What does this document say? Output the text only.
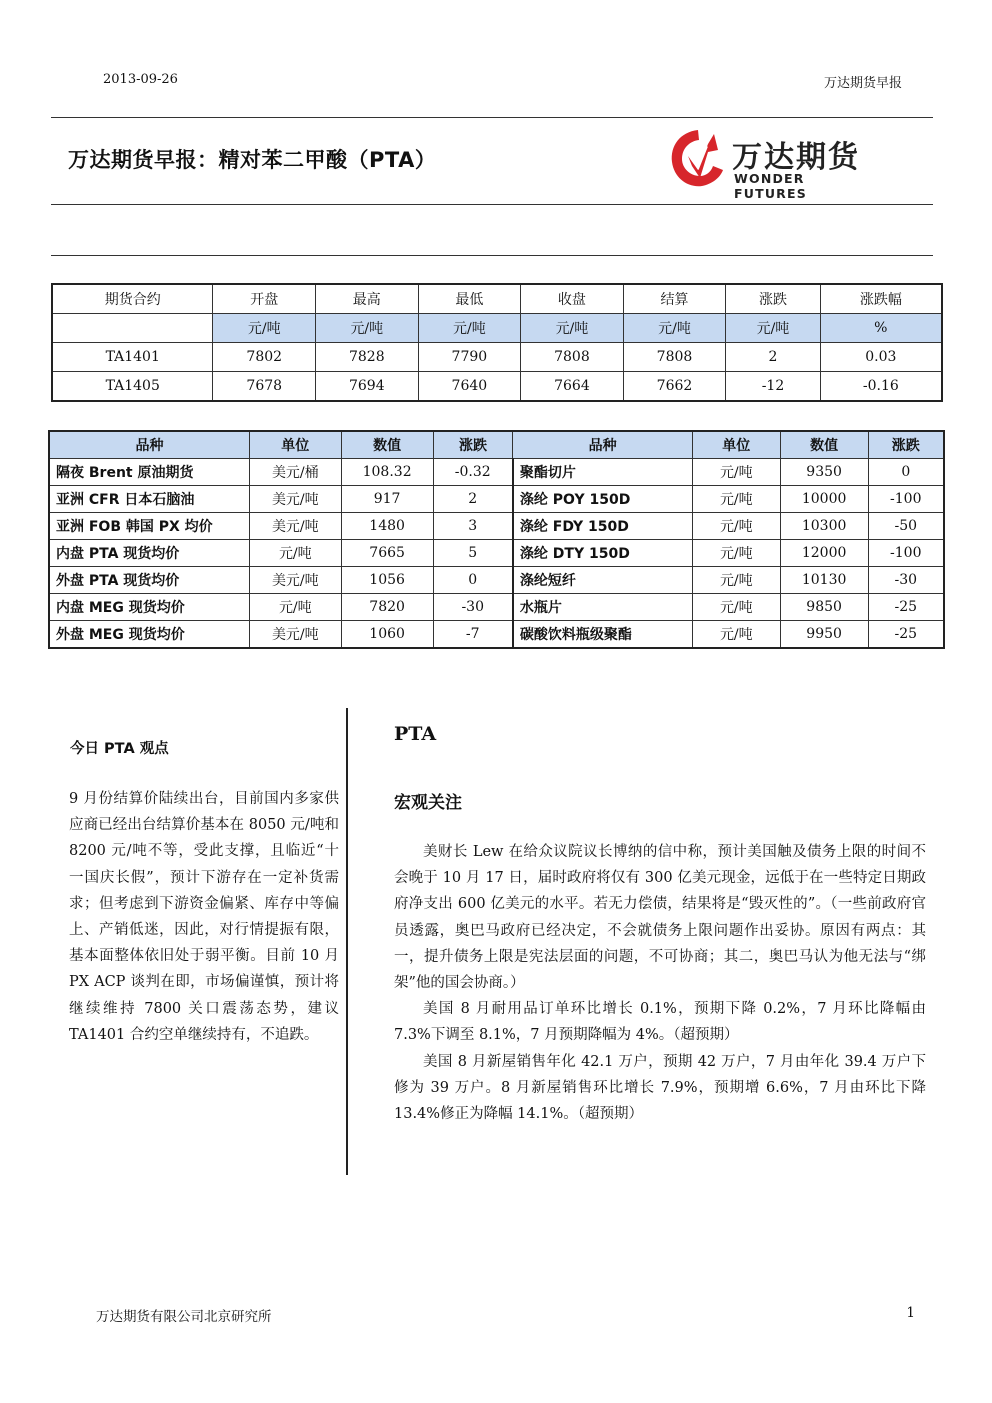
2013-09-26	万达期货早报
万达期货早报：精对苯二甲酸（PTA）	万达期货
WONDER FUTURES
期货合约	开盘	最高	最低	收盘	结算	涨跌	涨跌幅
	元/吨	元/吨	元/吨	元/吨	元/吨	元/吨	%
TA1401	7802	7828	7790	7808	7808	2	0.03
TA1405	7678	7694	7640	7664	7662	-12	-0.16
品种	单位	数值	涨跌	品种	单位	数值	涨跌
隔夜 Brent 原油期货	美元/桶	108.32	-0.32	聚酯切片	元/吨	9350	0
亚洲 CFR 日本石脑油	美元/吨	917	2	涤纶 POY 150D	元/吨	10000	-100
亚洲 FOB 韩国 PX 均价	美元/吨	1480	3	涤纶 FDY 150D	元/吨	10300	-50
内盘 PTA 现货均价	元/吨	7665	5	涤纶 DTY 150D	元/吨	12000	-100
外盘 PTA 现货均价	美元/吨	1056	0	涤纶短纤	元/吨	10130	-30
内盘 MEG 现货均价	元/吨	7820	-30	水瓶片	元/吨	9850	-25
外盘 MEG 现货均价	美元/吨	1060	-7	碳酸饮料瓶级聚酯	元/吨	9950	-25
今日 PTA 观点
9 月份结算价陆续出台，目前国内多家供应商已经出台结算价基本在 8050 元/吨和 8200 元/吨不等，受此支撑，且临近“十一国庆长假”，预计下游存在一定补货需求；但考虑到下游资金偏紧、库存中等偏上、产销低迷，因此，对行情提振有限，基本面整体依旧处于弱平衡。目前 10 月 PX ACP 谈判在即，市场偏谨慎，预计将继续维持 7800 关口震荡态势，建议 TA1401 合约空单继续持有，不追跌。
PTA
宏观关注

美财长 Lew 在给众议院议长博纳的信中称，预计美国触及债务上限的时间不会晚于 10 月 17 日，届时政府将仅有 300 亿美元现金，远低于在一些特定日期政府净支出 600 亿美元的水平。若无力偿债，结果将是“毁灭性的”。（一些前政府官员透露，奥巴马政府已经决定，不会就债务上限问题作出妥协。原因有两点：其一，提升债务上限是宪法层面的问题，不可协商；其二，奥巴马认为他无法与“绑架”他的国会协商。）

美国 8 月耐用品订单环比增长 0.1%，预期下降 0.2%，7 月环比降幅由 7.3%下调至 8.1%，7 月预期降幅为 4%。（超预期）

美国 8 月新屋销售年化 42.1 万户，预期 42 万户，7 月由年化 39.4 万户下修为 39 万户。8 月新屋销售环比增长 7.9%，预期增 6.6%，7 月由环比下降 13.4%修正为降幅 14.1%。（超预期）

万达期货有限公司北京研究所	1
